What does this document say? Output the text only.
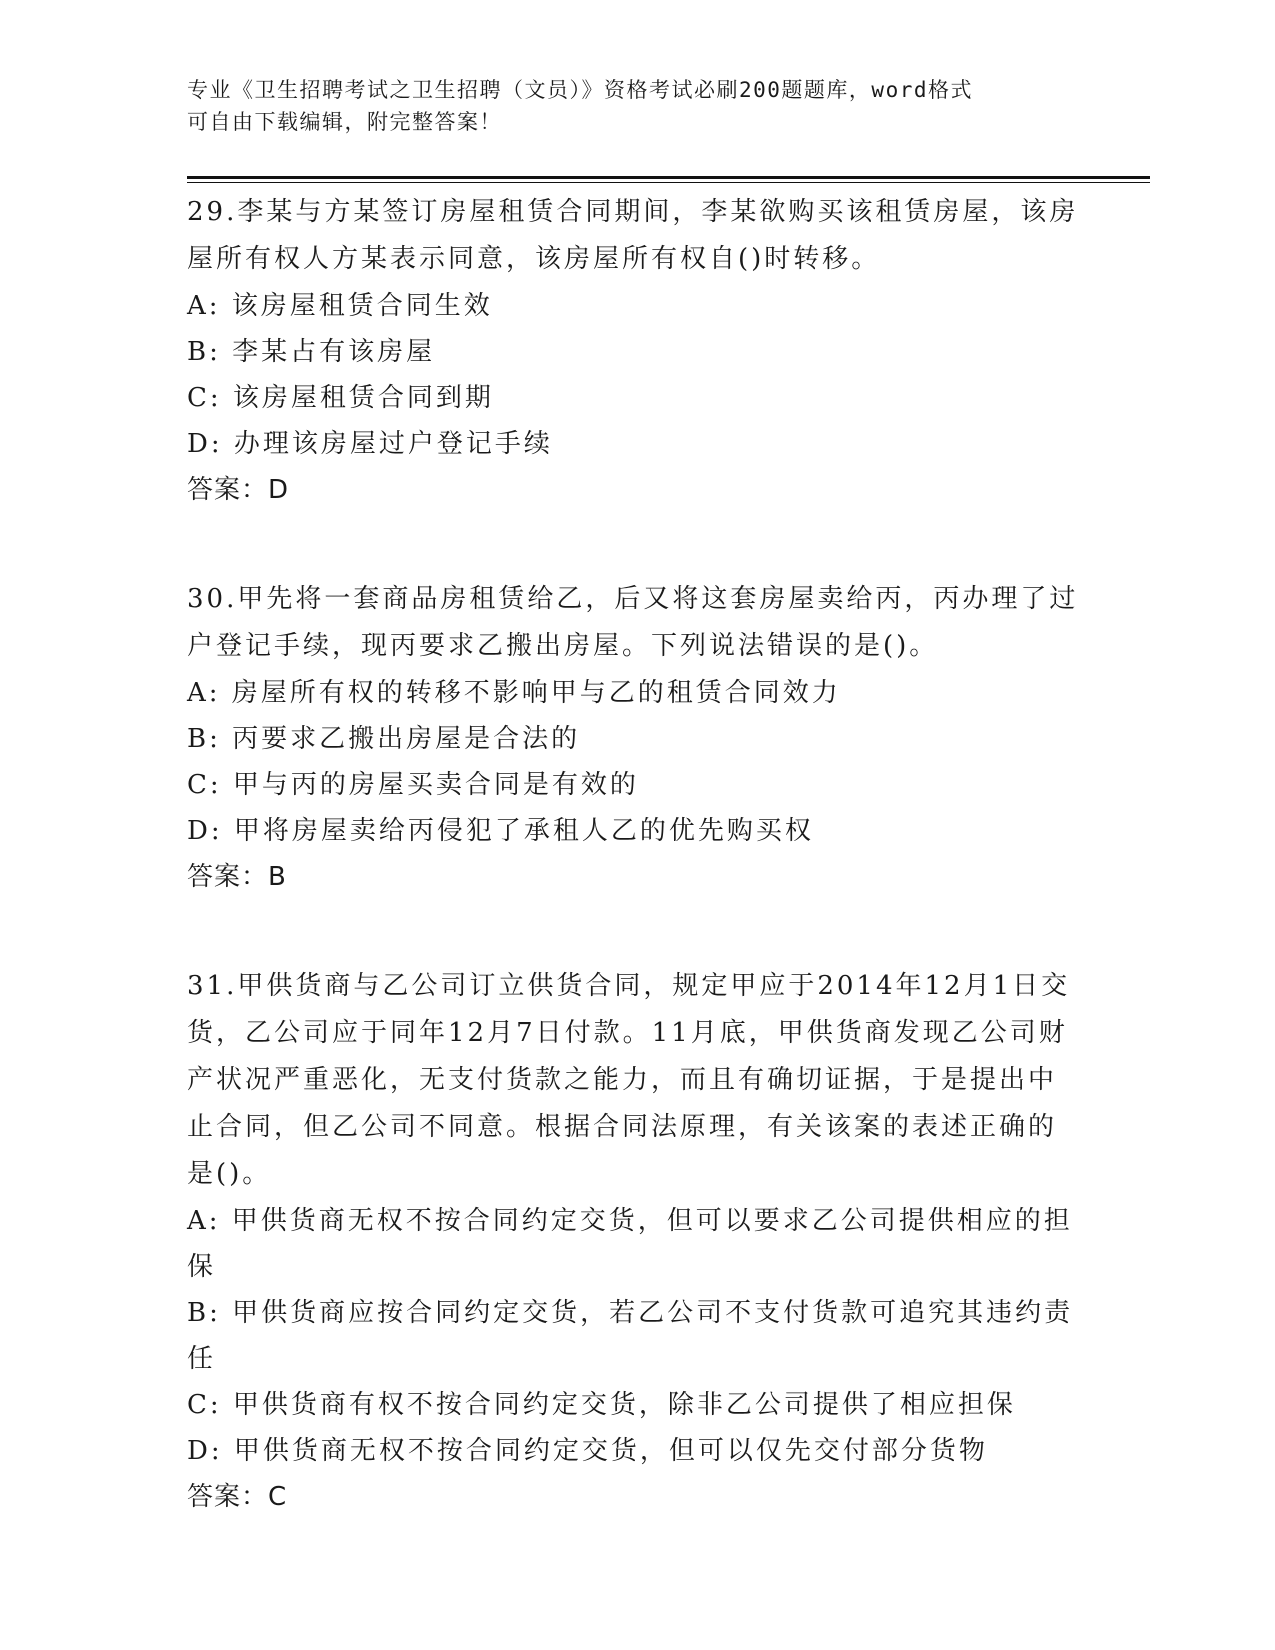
专业《卫生招聘考试之卫生招聘（文员）》资格考试必刷200题题库，word格式
可自由下载编辑，附完整答案！

29.李某与方某签订房屋租赁合同期间，李某欲购买该租赁房屋，该房

屋所有权人方某表示同意，该房屋所有权自()时转移。

A: 该房屋租赁合同生效

B: 李某占有该房屋

C: 该房屋租赁合同到期

D: 办理该房屋过户登记手续

答案：D

30.甲先将一套商品房租赁给乙，后又将这套房屋卖给丙，丙办理了过

户登记手续，现丙要求乙搬出房屋。下列说法错误的是()。

A: 房屋所有权的转移不影响甲与乙的租赁合同效力

B: 丙要求乙搬出房屋是合法的

C: 甲与丙的房屋买卖合同是有效的

D: 甲将房屋卖给丙侵犯了承租人乙的优先购买权

答案：B

31.甲供货商与乙公司订立供货合同，规定甲应于2014年12月1日交

货，乙公司应于同年12月7日付款。11月底，甲供货商发现乙公司财

产状况严重恶化，无支付货款之能力，而且有确切证据，于是提出中

止合同，但乙公司不同意。根据合同法原理，有关该案的表述正确的

是()。

A: 甲供货商无权不按合同约定交货，但可以要求乙公司提供相应的担

保

B: 甲供货商应按合同约定交货，若乙公司不支付货款可追究其违约责

任

C: 甲供货商有权不按合同约定交货，除非乙公司提供了相应担保

D: 甲供货商无权不按合同约定交货，但可以仅先交付部分货物

答案：C
